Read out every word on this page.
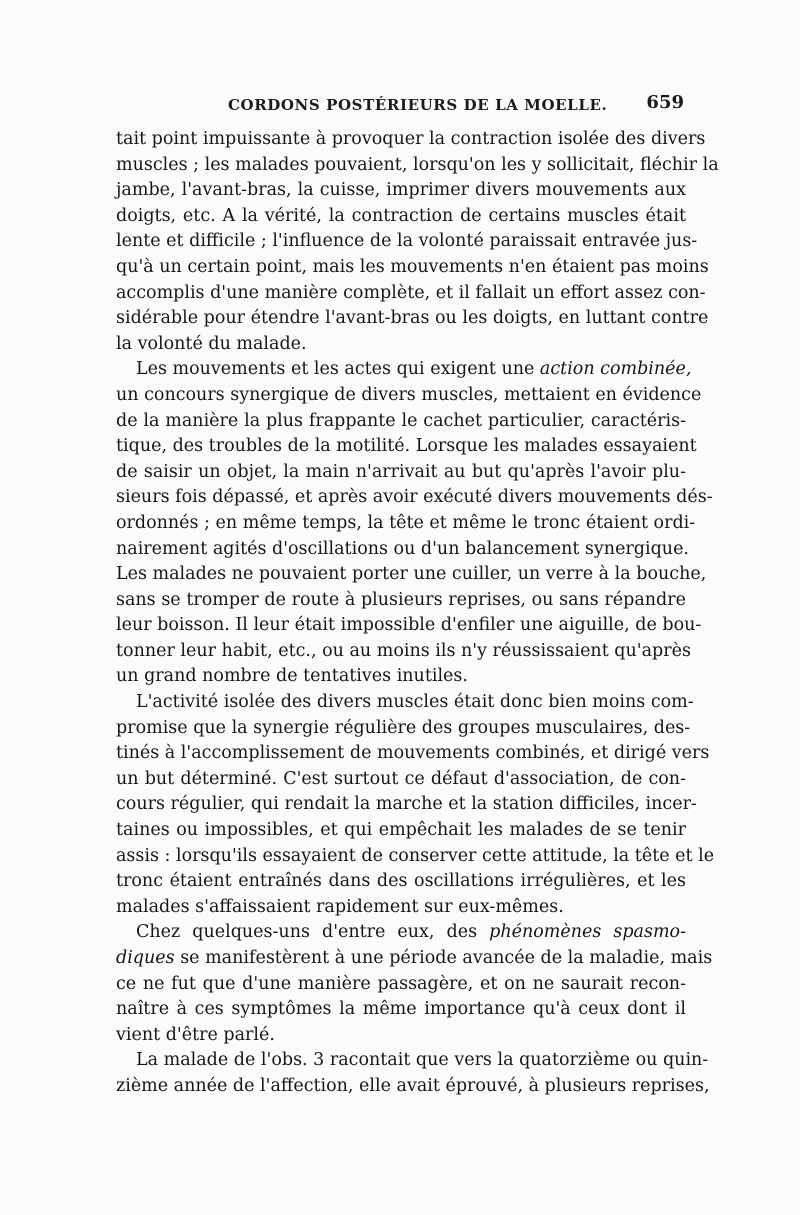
CORDONS POSTÉRIEURS DE LA MOELLE. 659
tait point impuissante à provoquer la contraction isolée des divers
muscles ; les malades pouvaient, lorsqu'on les y sollicitait, fléchir la
jambe, l'avant-bras, la cuisse, imprimer divers mouvements aux
doigts, etc. A la vérité, la contraction de certains muscles était
lente et difficile ; l'influence de la volonté paraissait entravée jus-
qu'à un certain point, mais les mouvements n'en étaient pas moins
accomplis d'une manière complète, et il fallait un effort assez con-
sidérable pour étendre l'avant-bras ou les doigts, en luttant contre
la volonté du malade.
Les mouvements et les actes qui exigent une action combinée,
un concours synergique de divers muscles, mettaient en évidence
de la manière la plus frappante le cachet particulier, caractéris-
tique, des troubles de la motilité. Lorsque les malades essayaient
de saisir un objet, la main n'arrivait au but qu'après l'avoir plu-
sieurs fois dépassé, et après avoir exécuté divers mouvements dés-
ordonnés ; en même temps, la tête et même le tronc étaient ordi-
nairement agités d'oscillations ou d'un balancement synergique.
Les malades ne pouvaient porter une cuiller, un verre à la bouche,
sans se tromper de route à plusieurs reprises, ou sans répandre
leur boisson. Il leur était impossible d'enfiler une aiguille, de bou-
tonner leur habit, etc., ou au moins ils n'y réussissaient qu'après
un grand nombre de tentatives inutiles.
L'activité isolée des divers muscles était donc bien moins com-
promise que la synergie régulière des groupes musculaires, des-
tinés à l'accomplissement de mouvements combinés, et dirigé vers
un but déterminé. C'est surtout ce défaut d'association, de con-
cours régulier, qui rendait la marche et la station difficiles, incer-
taines ou impossibles, et qui empêchait les malades de se tenir
assis : lorsqu'ils essayaient de conserver cette attitude, la tête et le
tronc étaient entraînés dans des oscillations irrégulières, et les
malades s'affaissaient rapidement sur eux-mêmes.
Chez quelques-uns d'entre eux, des phénomènes spasmo-
diques se manifestèrent à une période avancée de la maladie, mais
ce ne fut que d'une manière passagère, et on ne saurait recon-
naître à ces symptômes la même importance qu'à ceux dont il
vient d'être parlé.
La malade de l'obs. 3 racontait que vers la quatorzième ou quin-
zième année de l'affection, elle avait éprouvé, à plusieurs reprises,
